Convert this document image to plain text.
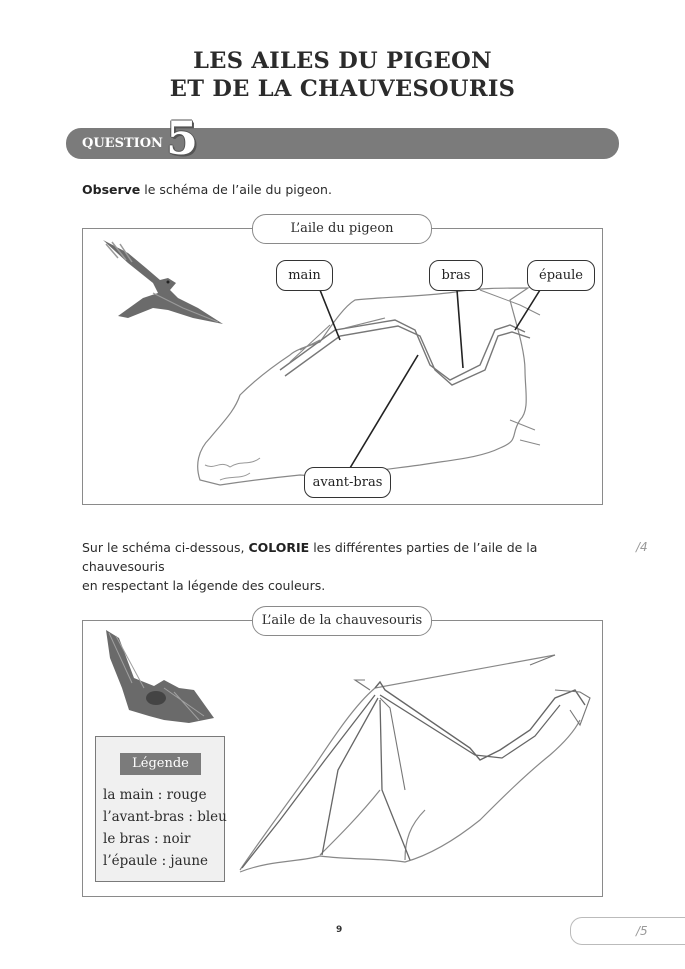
LES AILES DU PIGEON
ET DE LA CHAUVESOURIS
QUESTION 5
Observe le schéma de l’aile du pigeon.
L’aile du pigeon
main	bras	épaule
avant-bras
Sur le schéma ci-dessous, COLORIE les différentes parties de l’aile de la chauvesouris
en respectant la légende des couleurs.
/4
L’aile de la chauvesouris
Légende
la main : rouge
l’avant-bras : bleu
le bras : noir
l’épaule : jaune
9	/5
